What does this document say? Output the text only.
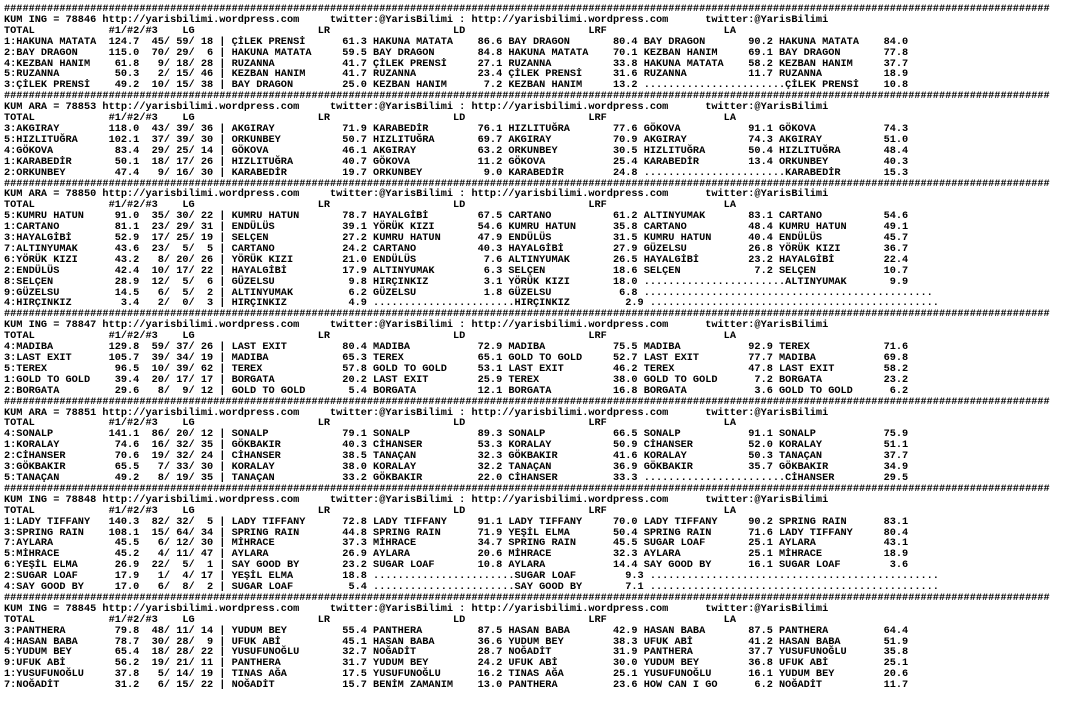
##########################################################################################################################################################################
KUM ING = 78846 http://yarisbilimi.wordpress.com     twitter:@YarisBilimi : http://yarisbilimi.wordpress.com      twitter:@YarisBilimi
TOTAL            #1/#2/#3    LG                    LR                    LD                    LRF                   LA
1:HAKUNA MATATA  124.7  45/ 59/ 18 | ÇİLEK PRENSİ      61.3 HAKUNA MATATA    86.6 BAY DRAGON       80.4 BAY DRAGON       90.2 HAKUNA MATATA    84.0
2:BAY DRAGON     115.0  70/ 29/  6 | HAKUNA MATATA     59.5 BAY DRAGON       84.8 HAKUNA MATATA    70.1 KEZBAN HANIM     69.1 BAY DRAGON       77.8
4:KEZBAN HANIM    61.8   9/ 18/ 28 | RUZANNA           41.7 ÇİLEK PRENSİ     27.1 RUZANNA          33.8 HAKUNA MATATA    58.2 KEZBAN HANIM     37.7
5:RUZANNA         50.3   2/ 15/ 46 | KEZBAN HANIM      41.7 RUZANNA          23.4 ÇİLEK PRENSİ     31.6 RUZANNA          11.7 RUZANNA          18.9
3:ÇİLEK PRENSİ    49.2  10/ 15/ 38 | BAY DRAGON        25.0 KEZBAN HANIM      7.2 KEZBAN HANIM     13.2 .......................ÇİLEK PRENSİ    10.8
##########################################################################################################################################################################
KUM ARA = 78853 http://yarisbilimi.wordpress.com     twitter:@YarisBilimi : http://yarisbilimi.wordpress.com      twitter:@YarisBilimi
TOTAL            #1/#2/#3    LG                    LR                    LD                    LRF                   LA
3:AKGIRAY        118.0  43/ 39/ 36 | AKGIRAY           71.9 KARABEDİR        76.1 HIZLITUĞRA       77.6 GÖKOVA           91.1 GÖKOVA           74.3
5:HIZLITUĞRA     102.1  37/ 39/ 30 | ORKUNBEY          50.7 HIZLITUĞRA       69.7 AKGIRAY          70.9 AKGIRAY          74.3 AKGIRAY          51.0
4:GÖKOVA          83.4  29/ 25/ 14 | GÖKOVA            46.1 AKGIRAY          63.2 ORKUNBEY         30.5 HIZLITUĞRA       50.4 HIZLITUĞRA       48.4
1:KARABEDİR       50.1  18/ 17/ 26 | HIZLITUĞRA        40.7 GÖKOVA           11.2 GÖKOVA           25.4 KARABEDİR        13.4 ORKUNBEY         40.3
2:ORKUNBEY        47.4   9/ 16/ 30 | KARABEDİR         19.7 ORKUNBEY          9.0 KARABEDİR        24.8 .......................KARABEDİR       15.3
##########################################################################################################################################################################
KUM ARA = 78850 http://yarisbilimi.wordpress.com     twitter:@YarisBilimi : http://yarisbilimi.wordpress.com      twitter:@YarisBilimi
TOTAL            #1/#2/#3    LG                    LR                    LD                    LRF                   LA
5:KUMRU HATUN     91.0  35/ 30/ 22 | KUMRU HATUN       78.7 HAYALGİBİ        67.5 CARTANO          61.2 ALTINYUMAK       83.1 CARTANO          54.6
1:CARTANO         81.1  23/ 29/ 31 | ENDÜLÜS           39.1 YÖRÜK KIZI       54.6 KUMRU HATUN      35.8 CARTANO          48.4 KUMRU HATUN      49.1
3:HAYALGİBİ       52.9  17/ 25/ 19 | SELÇEN            27.2 KUMRU HATUN      47.9 ENDÜLÜS          31.5 KUMRU HATUN      40.4 ENDÜLÜS          45.7
7:ALTINYUMAK      43.6  23/  5/  5 | CARTANO           24.2 CARTANO          40.3 HAYALGİBİ        27.9 GÜZELSU          26.8 YÖRÜK KIZI       36.7
6:YÖRÜK KIZI      43.2   8/ 20/ 26 | YÖRÜK KIZI        21.0 ENDÜLÜS           7.6 ALTINYUMAK       26.5 HAYALGİBİ        23.2 HAYALGİBİ        22.4
2:ENDÜLÜS         42.4  10/ 17/ 22 | HAYALGİBİ         17.9 ALTINYUMAK        6.3 SELÇEN           18.6 SELÇEN            7.2 SELÇEN           10.7
8:SELÇEN          28.9  12/  5/  6 | GÜZELSU            9.8 HIRÇINKIZ         3.1 YÖRÜK KIZI       18.0 .......................ALTINYUMAK       9.9
9:GÜZELSU         14.5   6/  5/  2 | ALTINYUMAK         6.2 GÜZELSU           1.8 GÜZELSU           6.8 ...............................................
4:HIRÇINKIZ        3.4   2/  0/  3 | HIRÇINKIZ          4.9 .......................HIRÇINKIZ         2.9 ...............................................
##########################################################################################################################################################################
KUM ING = 78847 http://yarisbilimi.wordpress.com     twitter:@YarisBilimi : http://yarisbilimi.wordpress.com      twitter:@YarisBilimi
TOTAL            #1/#2/#3    LG                    LR                    LD                    LRF                   LA
4:MADIBA         129.8  59/ 37/ 26 | LAST EXIT         80.4 MADIBA           72.9 MADIBA           75.5 MADIBA           92.9 TEREX            71.6
3:LAST EXIT      105.7  39/ 34/ 19 | MADIBA            65.3 TEREX            65.1 GOLD TO GOLD     52.7 LAST EXIT        77.7 MADIBA           69.8
5:TEREX           96.5  10/ 39/ 62 | TEREX             57.8 GOLD TO GOLD     53.1 LAST EXIT        46.2 TEREX            47.8 LAST EXIT        58.2
1:GOLD TO GOLD    39.4  20/ 17/ 17 | BORGATA           20.2 LAST EXIT        25.9 TEREX            38.0 GOLD TO GOLD      7.2 BORGATA          23.2
2:BORGATA         29.6   8/  9/ 12 | GOLD TO GOLD       5.4 BORGATA          12.1 BORGATA          16.8 BORGATA           3.6 GOLD TO GOLD      6.2
##########################################################################################################################################################################
KUM ARA = 78851 http://yarisbilimi.wordpress.com     twitter:@YarisBilimi : http://yarisbilimi.wordpress.com      twitter:@YarisBilimi
TOTAL            #1/#2/#3    LG                    LR                    LD                    LRF                   LA
4:SONALP         141.1  86/ 20/ 12 | SONALP            79.1 SONALP           89.3 SONALP           66.5 SONALP           91.1 SONALP           75.9
1:KORALAY         74.6  16/ 32/ 35 | GÖKBAKIR          40.3 CİHANSER         53.3 KORALAY          50.9 CİHANSER         52.0 KORALAY          51.1
2:CİHANSER        70.6  19/ 32/ 24 | CİHANSER          38.5 TANAÇAN          32.3 GÖKBAKIR         41.6 KORALAY          50.3 TANAÇAN          37.7
3:GÖKBAKIR        65.5   7/ 33/ 30 | KORALAY           38.0 KORALAY          32.2 TANAÇAN          36.9 GÖKBAKIR         35.7 GÖKBAKIR         34.9
5:TANAÇAN         49.2   8/ 19/ 35 | TANAÇAN           33.2 GÖKBAKIR         22.0 CİHANSER         33.3 .......................CİHANSER        29.5
##########################################################################################################################################################################
KUM ING = 78848 http://yarisbilimi.wordpress.com     twitter:@YarisBilimi : http://yarisbilimi.wordpress.com      twitter:@YarisBilimi
TOTAL            #1/#2/#3    LG                    LR                    LD                    LRF                   LA
1:LADY TIFFANY   140.3  82/ 32/  5 | LADY TIFFANY      72.8 LADY TIFFANY     91.1 LADY TIFFANY     70.0 LADY TIFFANY     90.2 SPRING RAIN      83.1
3:SPRING RAIN    108.1  15/ 64/ 34 | SPRING RAIN       44.8 SPRING RAIN      71.9 YEŞİL ELMA       50.4 SPRING RAIN      71.6 LADY TIFFANY     80.4
7:AYLARA          45.5   6/ 12/ 30 | MİHRACE           37.3 MİHRACE          34.7 SPRING RAIN      45.5 SUGAR LOAF       25.1 AYLARA           43.1
5:MİHRACE         45.2   4/ 11/ 47 | AYLARA            26.9 AYLARA           20.6 MİHRACE          32.3 AYLARA           25.1 MİHRACE          18.9
6:YEŞİL ELMA      26.9  22/  5/  1 | SAY GOOD BY       23.2 SUGAR LOAF       10.8 AYLARA           14.4 SAY GOOD BY      16.1 SUGAR LOAF        3.6
2:SUGAR LOAF      17.9   1/  4/ 17 | YEŞİL ELMA        18.8 .......................SUGAR LOAF        9.3 ...............................................
4:SAY GOOD BY     17.0   6/  8/  2 | SUGAR LOAF         5.4 .......................SAY GOOD BY       7.1 ...............................................
##########################################################################################################################################################################
KUM ING = 78845 http://yarisbilimi.wordpress.com     twitter:@YarisBilimi : http://yarisbilimi.wordpress.com      twitter:@YarisBilimi
TOTAL            #1/#2/#3    LG                    LR                    LD                    LRF                   LA
3:PANTHERA        79.8  48/ 11/ 14 | YUDUM BEY         55.4 PANTHERA         87.5 HASAN BABA       42.9 HASAN BABA       87.5 PANTHERA         64.4
4:HASAN BABA      78.7  30/ 28/  9 | UFUK ABİ          45.1 HASAN BABA       36.6 YUDUM BEY        38.3 UFUK ABİ         41.2 HASAN BABA       51.9
5:YUDUM BEY       65.4  18/ 28/ 22 | YUSUFUNOĞLU       32.7 NOĞADİT          28.7 NOĞADİT          31.9 PANTHERA         37.7 YUSUFUNOĞLU      35.8
9:UFUK ABİ        56.2  19/ 21/ 11 | PANTHERA          31.7 YUDUM BEY        24.2 UFUK ABİ         30.0 YUDUM BEY        36.8 UFUK ABİ         25.1
1:YUSUFUNOĞLU     37.8   5/ 14/ 19 | TINAS AĞA         17.5 YUSUFUNOĞLU      16.2 TINAS AĞA        25.1 YUSUFUNOĞLU      16.1 YUDUM BEY        20.6
7:NOĞADİT         31.2   6/ 15/ 22 | NOĞADİT           15.7 BENİM ZAMANIM    13.0 PANTHERA         23.6 HOW CAN I GO      6.2 NOĞADİT          11.7
